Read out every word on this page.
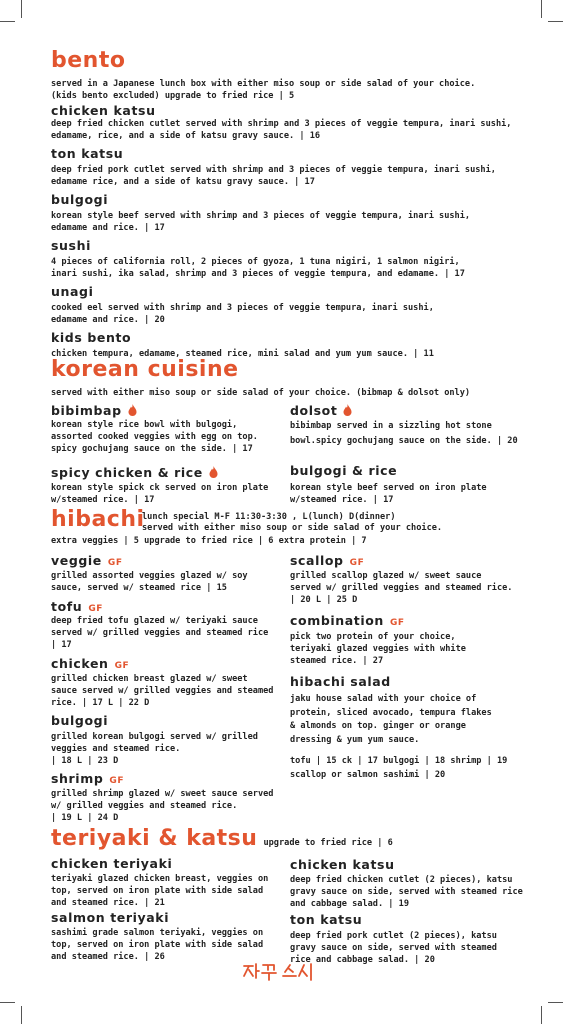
bento
served in a Japanese lunch box with either miso soup or side salad of your choice.
(kids bento excluded) upgrade to fried rice | 5
chicken katsu
deep fried chicken cutlet served with shrimp and 3 pieces of veggie tempura, inari sushi,
edamame, rice, and a side of katsu gravy sauce. | 16
ton katsu
deep fried pork cutlet served with shrimp and 3 pieces of veggie tempura, inari sushi,
edamame rice, and a side of katsu gravy sauce. | 17
bulgogi
korean style beef served with shrimp and 3 pieces of veggie tempura, inari sushi,
edamame and rice. | 17
sushi
4 pieces of california roll, 2 pieces of gyoza, 1 tuna nigiri, 1 salmon nigiri,
inari sushi, ika salad, shrimp and 3 pieces of veggie tempura, and edamame. | 17
unagi
cooked eel served with shrimp and 3 pieces of veggie tempura, inari sushi,
edamame and rice. | 20
kids bento
chicken tempura, edamame, steamed rice, mini salad and yum yum sauce. | 11
korean cuisine
served with either miso soup or side salad of your choice. (bibmap & dolsot only)
bibimbap
korean style rice bowl with bulgogi,
assorted cooked veggies with egg on top.
spicy gochujang sauce on the side. | 17
dolsot
bibimbap served in a sizzling hot stone
bowl.spicy gochujang sauce on the side. | 20
spicy chicken & rice
korean style spick ck served on iron plate
w/steamed rice. | 17
bulgogi & rice
korean style beef served on iron plate
w/steamed rice. | 17
hibachi
lunch special M-F 11:30-3:30 , L(lunch) D(dinner)
served with either miso soup or side salad of your choice.
extra veggies | 5 upgrade to fried rice | 6 extra protein | 7
veggie GF
grilled assorted veggies glazed w/ soy
sauce, served w/ steamed rice | 15
tofu GF
deep fried tofu glazed w/ teriyaki sauce
served w/ grilled veggies and steamed rice
| 17
chicken GF
grilled chicken breast glazed w/ sweet
sauce served w/ grilled veggies and steamed
rice. | 17 L | 22 D
bulgogi
grilled korean bulgogi served w/ grilled
veggies and steamed rice.
| 18 L | 23 D
shrimp GF
grilled shrimp glazed w/ sweet sauce served
w/ grilled veggies and steamed rice.
| 19 L | 24 D
scallop GF
grilled scallop glazed w/ sweet sauce
served w/ grilled veggies and steamed rice.
| 20 L | 25 D
combination GF
pick two protein of your choice,
teriyaki glazed veggies with white
steamed rice. | 27
hibachi salad
jaku house salad with your choice of
protein, sliced avocado, tempura flakes
& almonds on top. ginger or orange
dressing & yum yum sauce.
tofu | 15 ck | 17 bulgogi | 18 shrimp | 19
scallop or salmon sashimi | 20
teriyaki & katsu upgrade to fried rice | 6
chicken teriyaki
teriyaki glazed chicken breast, veggies on
top, served on iron plate with side salad
and steamed rice. | 21
salmon teriyaki
sashimi grade salmon teriyaki, veggies on
top, served on iron plate with side salad
and steamed rice. | 26
chicken katsu
deep fried chicken cutlet (2 pieces), katsu
gravy sauce on side, served with steamed rice
and cabbage salad. | 19
ton katsu
deep fried pork cutlet (2 pieces), katsu
gravy sauce on side, served with steamed
rice and cabbage salad. | 20
